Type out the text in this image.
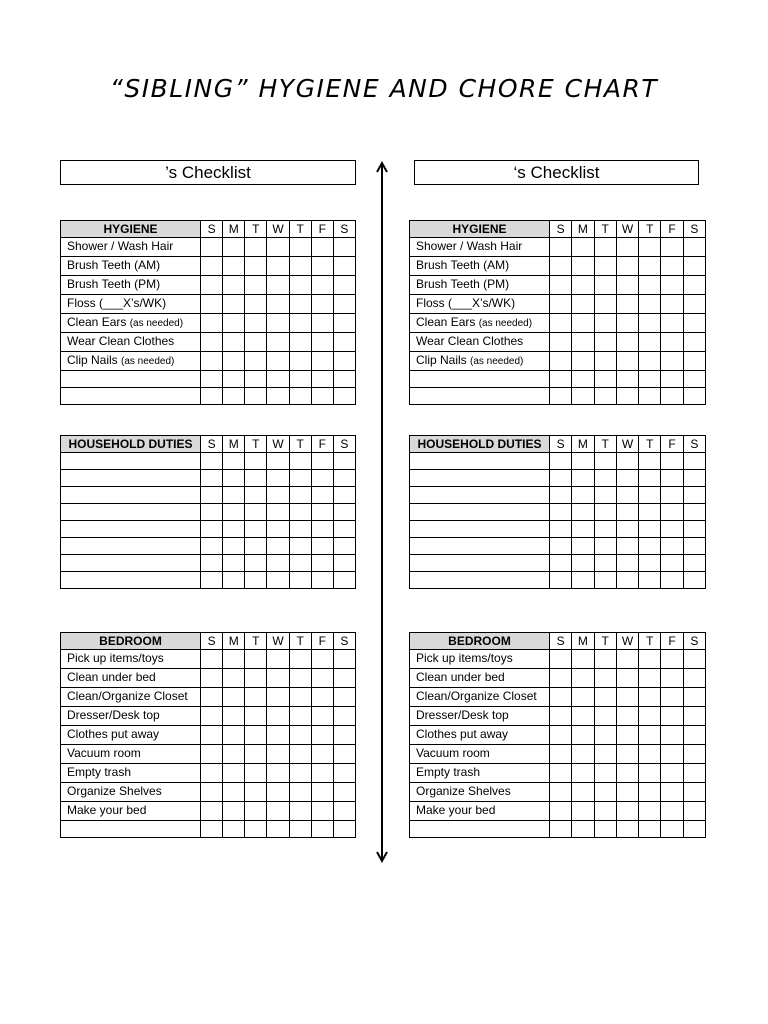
“SIBLING” HYGIENE AND CHORE CHART
’s Checklist	‘s Checklist
HYGIENE	S	M	T	W	T	F	S
Shower / Wash Hair							
Brush Teeth (AM)							
Brush Teeth (PM)							
Floss (___X’s/WK)							
Clean Ears (as needed)							
Wear Clean Clothes							
Clip Nails (as needed)							

HOUSEHOLD DUTIES	S	M	T	W	T	F	S

BEDROOM	S	M	T	W	T	F	S
Pick up items/toys							
Clean under bed							
Clean/Organize Closet							
Dresser/Desk top							
Clothes put away							
Vacuum room							
Empty trash							
Organize Shelves							
Make your bed							

HYGIENE	S	M	T	W	T	F	S
Shower / Wash Hair							
Brush Teeth (AM)							
Brush Teeth (PM)							
Floss (___X’s/WK)							
Clean Ears (as needed)							
Wear Clean Clothes							
Clip Nails (as needed)							

HOUSEHOLD DUTIES	S	M	T	W	T	F	S

BEDROOM	S	M	T	W	T	F	S
Pick up items/toys							
Clean under bed							
Clean/Organize Closet							
Dresser/Desk top							
Clothes put away							
Vacuum room							
Empty trash							
Organize Shelves							
Make your bed							
